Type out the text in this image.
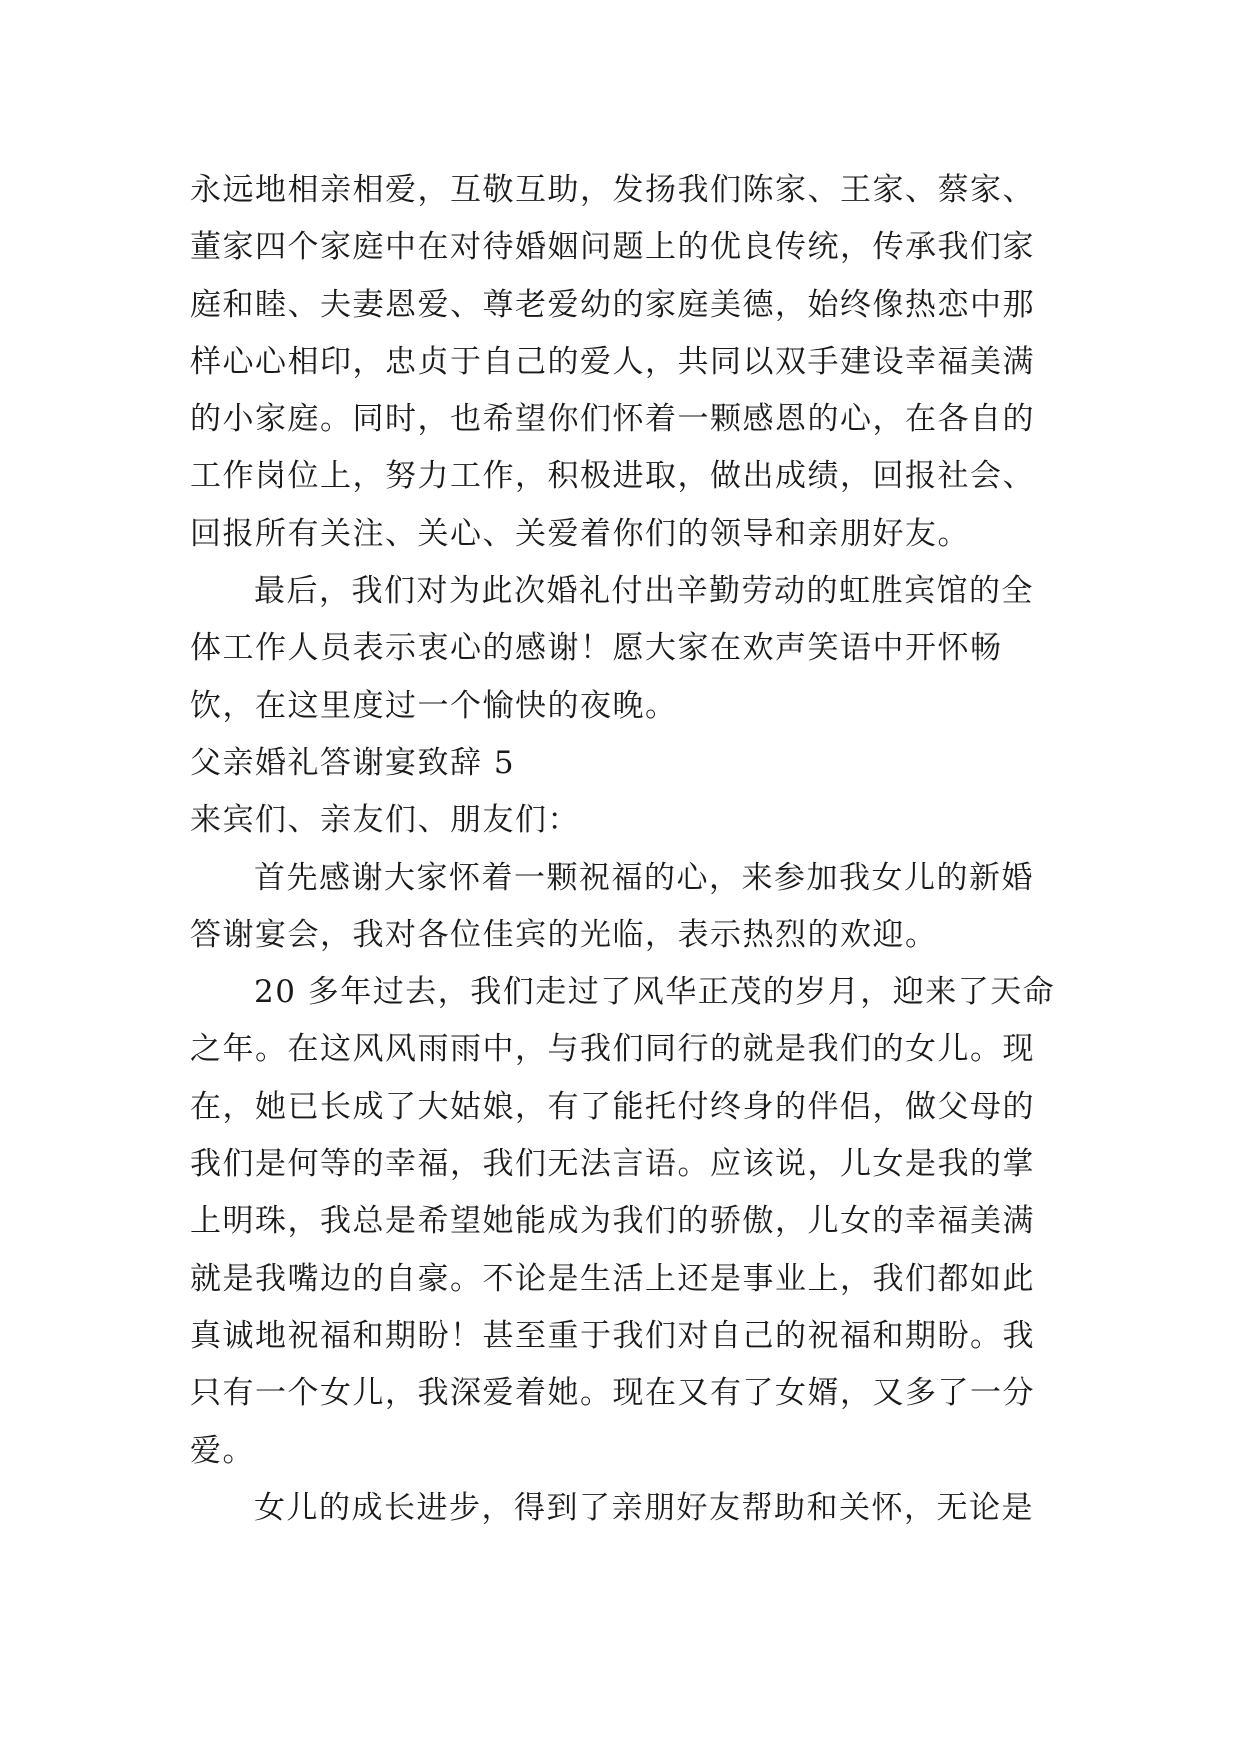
永远地相亲相爱，互敬互助，发扬我们陈家、王家、蔡家、
董家四个家庭中在对待婚姻问题上的优良传统，传承我们家
庭和睦、夫妻恩爱、尊老爱幼的家庭美德，始终像热恋中那
样心心相印，忠贞于自己的爱人，共同以双手建设幸福美满
的小家庭。同时，也希望你们怀着一颗感恩的心，在各自的
工作岗位上，努力工作，积极进取，做出成绩，回报社会、
回报所有关注、关心、关爱着你们的领导和亲朋好友。
最后，我们对为此次婚礼付出辛勤劳动的虹胜宾馆的全
体工作人员表示衷心的感谢！愿大家在欢声笑语中开怀畅
饮，在这里度过一个愉快的夜晚。
父亲婚礼答谢宴致辞 5
来宾们、亲友们、朋友们：
首先感谢大家怀着一颗祝福的心，来参加我女儿的新婚
答谢宴会，我对各位佳宾的光临，表示热烈的欢迎。
20 多年过去，我们走过了风华正茂的岁月，迎来了天命
之年。在这风风雨雨中，与我们同行的就是我们的女儿。现
在，她已长成了大姑娘，有了能托付终身的伴侣，做父母的
我们是何等的幸福，我们无法言语。应该说，儿女是我的掌
上明珠，我总是希望她能成为我们的骄傲，儿女的幸福美满
就是我嘴边的自豪。不论是生活上还是事业上，我们都如此
真诚地祝福和期盼！甚至重于我们对自己的祝福和期盼。我
只有一个女儿，我深爱着她。现在又有了女婿，又多了一分
爱。
女儿的成长进步，得到了亲朋好友帮助和关怀，无论是
